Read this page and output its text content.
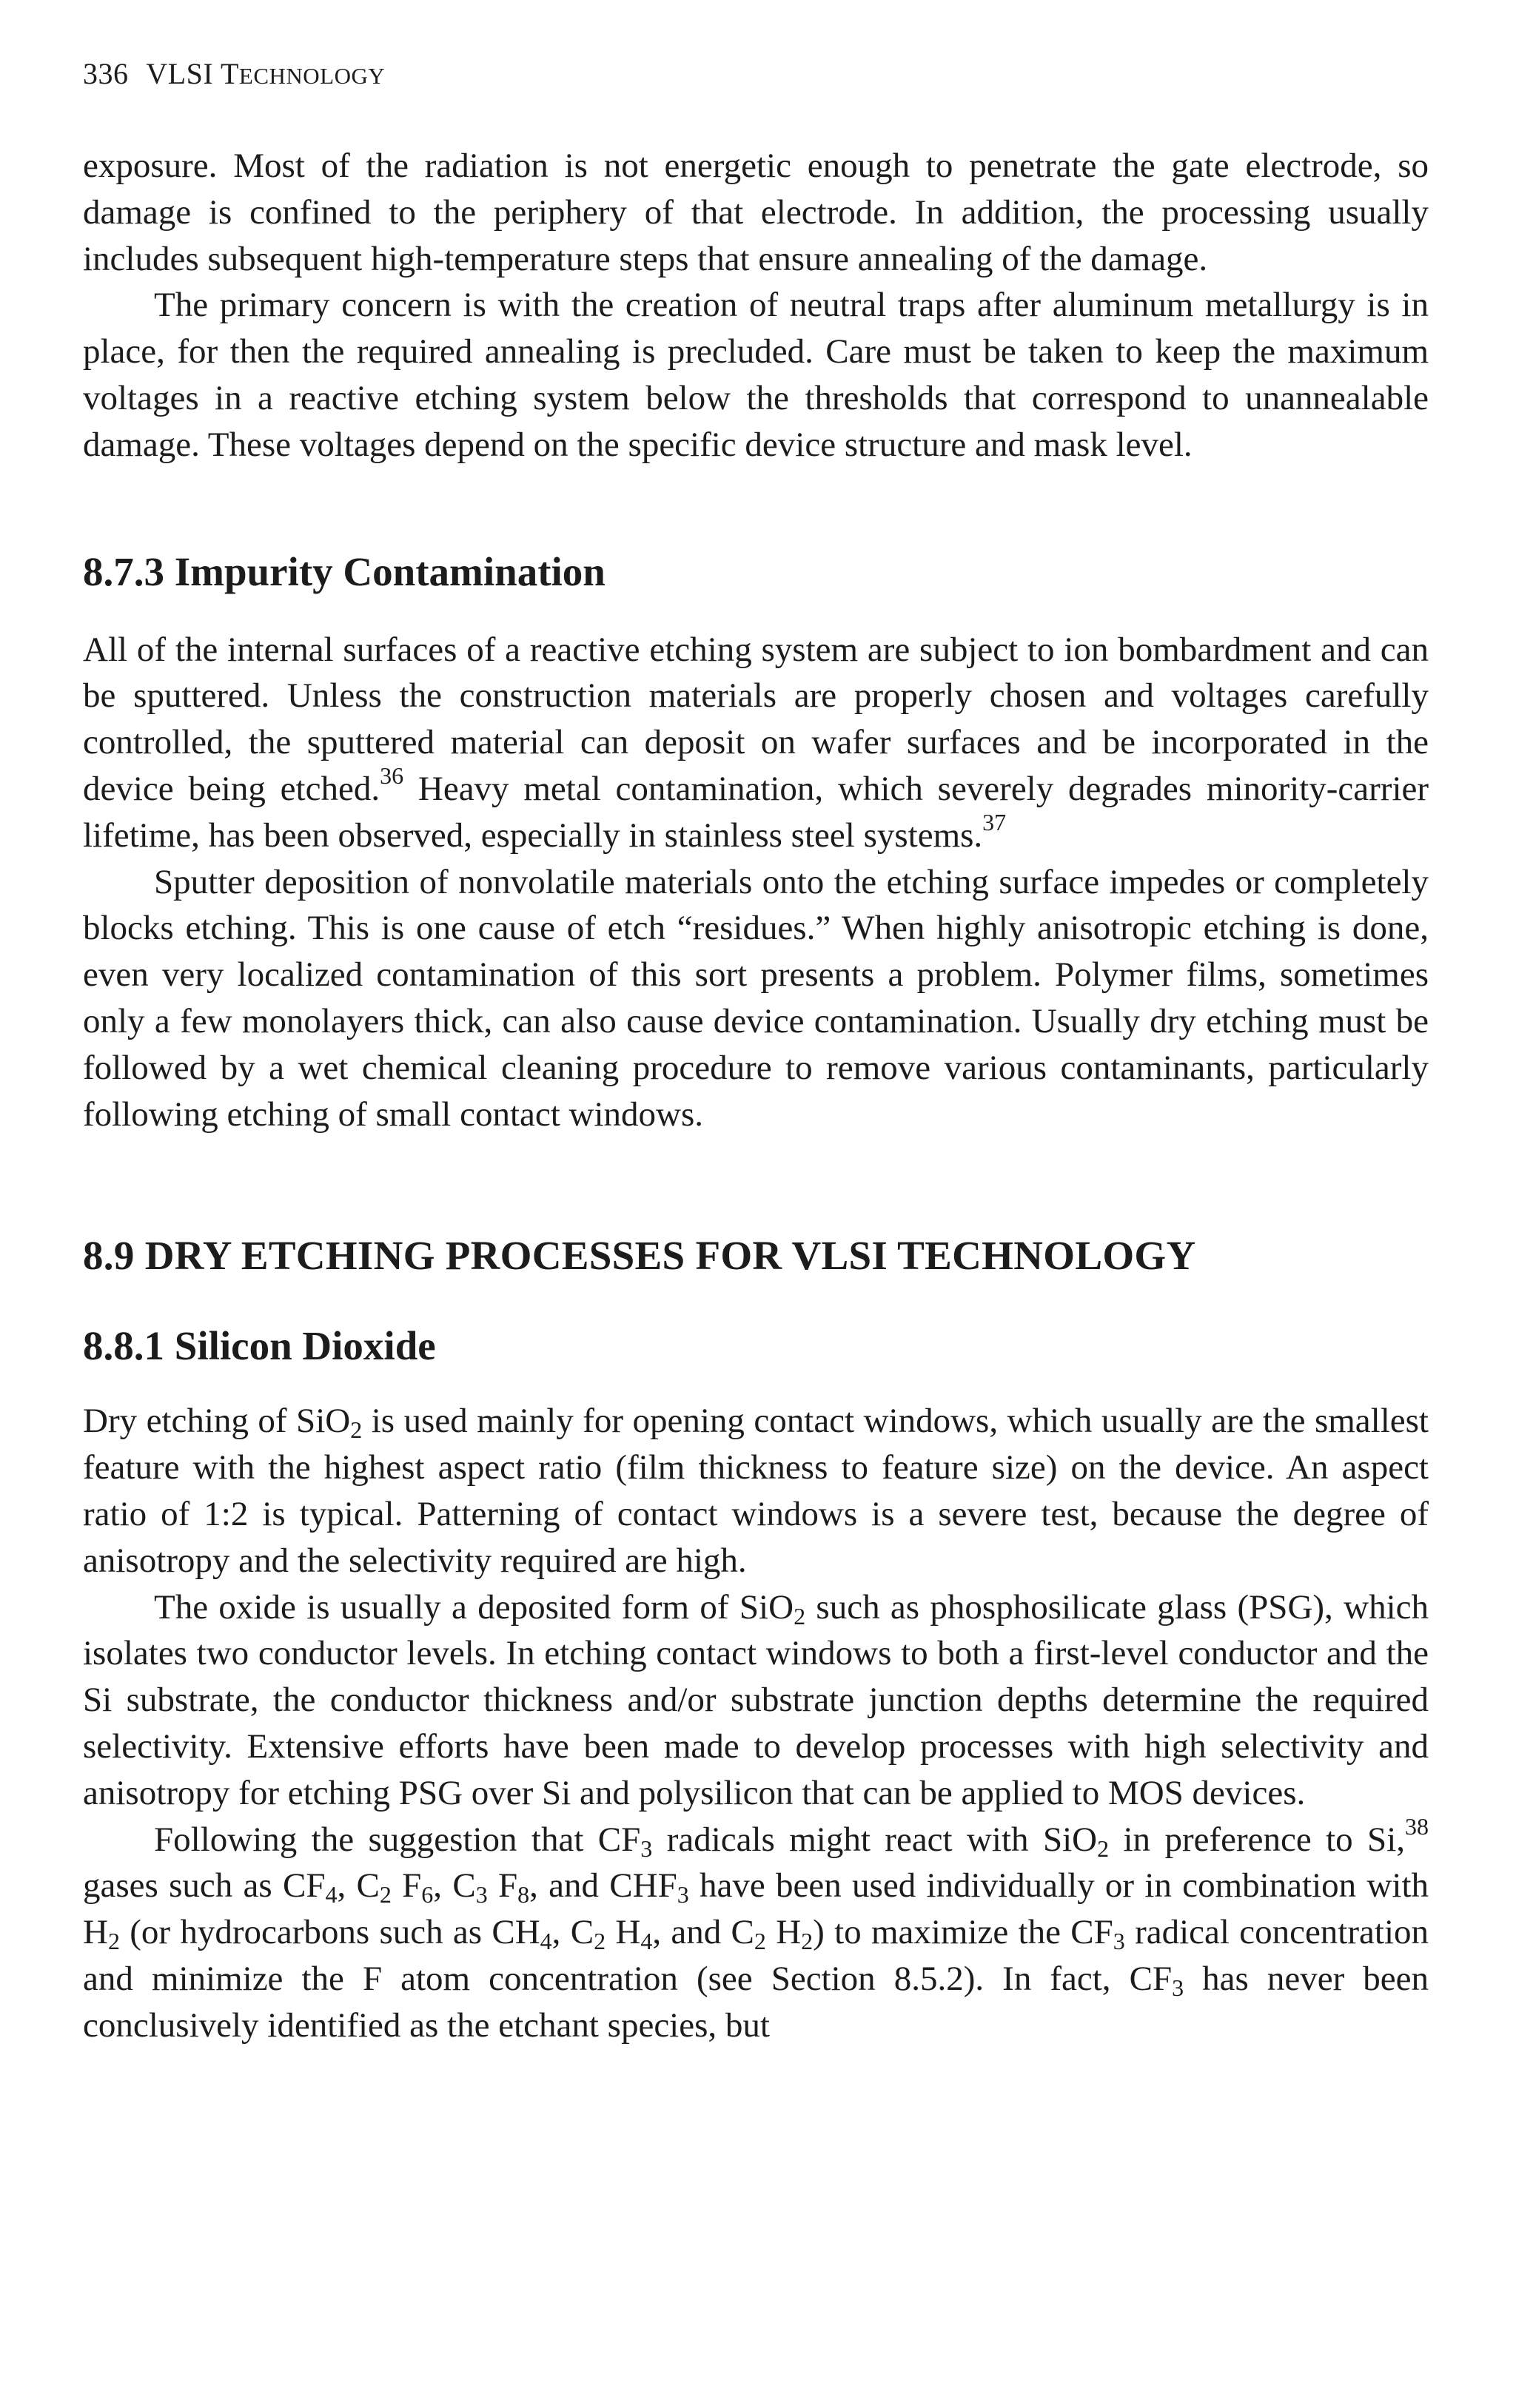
336 VLSI TECHNOLOGY

exposure. Most of the radiation is not energetic enough to penetrate the gate electrode, so damage is confined to the periphery of that electrode. In addition, the processing usually includes subsequent high-temperature steps that ensure annealing of the damage.

The primary concern is with the creation of neutral traps after aluminum metallurgy is in place, for then the required annealing is precluded. Care must be taken to keep the maximum voltages in a reactive etching system below the thresholds that correspond to unannealable damage. These voltages depend on the specific device structure and mask level.

8.7.3 Impurity Contamination

All of the internal surfaces of a reactive etching system are subject to ion bombardment and can be sputtered. Unless the construction materials are properly chosen and voltages carefully controlled, the sputtered material can deposit on wafer surfaces and be incorporated in the device being etched.$^{36}$ Heavy metal contamination, which severely degrades minority-carrier lifetime, has been observed, especially in stainless steel systems.$^{37}$

Sputter deposition of nonvolatile materials onto the etching surface impedes or completely blocks etching. This is one cause of etch “residues.” When highly anisotropic etching is done, even very localized contamination of this sort presents a problem. Polymer films, sometimes only a few monolayers thick, can also cause device contamination. Usually dry etching must be followed by a wet chemical cleaning procedure to remove various contaminants, particularly following etching of small contact windows.

8.9 DRY ETCHING PROCESSES FOR VLSI TECHNOLOGY
8.8.1 Silicon Dioxide

Dry etching of SiO$_2$ is used mainly for opening contact windows, which usually are the smallest feature with the highest aspect ratio (film thickness to feature size) on the device. An aspect ratio of 1:2 is typical. Patterning of contact windows is a severe test, because the degree of anisotropy and the selectivity required are high.

The oxide is usually a deposited form of SiO$_2$ such as phosphosilicate glass (PSG), which isolates two conductor levels. In etching contact windows to both a first-level conductor and the Si substrate, the conductor thickness and/or substrate junction depths determine the required selectivity. Extensive efforts have been made to develop processes with high selectivity and anisotropy for etching PSG over Si and polysilicon that can be applied to MOS devices.

Following the suggestion that $CF_3$ radicals might react with SiO$_2$ in preference to Si,$^{38}$ gases such as $CF_4$, $C_2$ $F_6$, $C_3$ $F_8$, and $CHF_3$ have been used individually or in combination with $H_2$ (or hydrocarbons such as $CH_4$, $C_2$ $H_4$, and $C_2$ $H_2$) to maximize the $CF_3$ radical concentration and minimize the F atom concentration (see Section 8.5.2). In fact, $CF_3$ has never been conclusively identified as the etchant species, but
